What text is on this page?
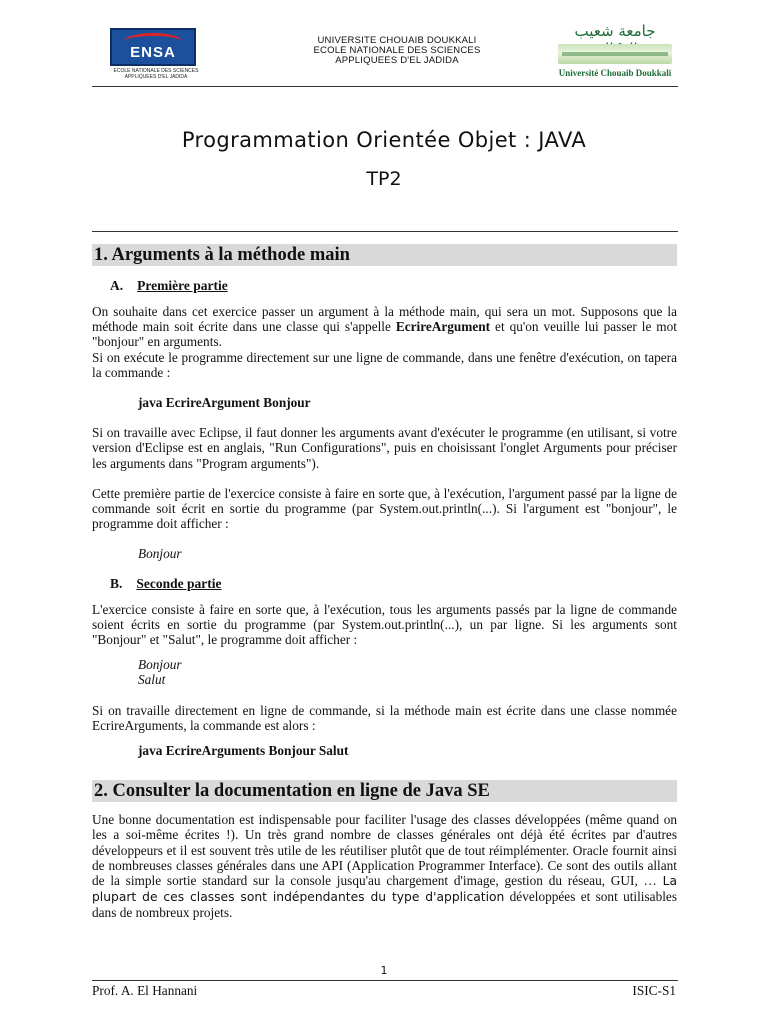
ENSA
ECOLE NATIONALE DES SCIENCES
APPLIQUEES D'EL JADIDA
UNIVERSITE CHOUAIB DOUKKALI
ECOLE NATIONALE DES SCIENCES
APPLIQUEES D'EL JADIDA
جامعة شعيب
Université Chouaib Doukkali
Programmation Orientée Objet : JAVA
TP2
1. Arguments à la méthode main
A. Première partie

On souhaite dans cet exercice passer un argument à la méthode main, qui sera un mot. Supposons que la méthode main soit écrite dans une classe qui s'appelle EcrireArgument et qu'on veuille lui passer le mot "bonjour" en arguments.

Si on exécute le programme directement sur une ligne de commande, dans une fenêtre d'exécution, on tapera la commande :

java EcrireArgument Bonjour

Si on travaille avec Eclipse, il faut donner les arguments avant d'exécuter le programme (en utilisant, si votre version d'Eclipse est en anglais, "Run Configurations", puis en choisissant l'onglet Arguments pour préciser les arguments dans "Program arguments").

Cette première partie de l'exercice consiste à faire en sorte que, à l'exécution, l'argument passé par la ligne de commande soit écrit en sortie du programme (par System.out.println(...). Si l'argument est "bonjour", le programme doit afficher :

Bonjour
B. Seconde partie

L'exercice consiste à faire en sorte que, à l'exécution, tous les arguments passés par la ligne de commande soient écrits en sortie du programme (par System.out.println(...), un par ligne. Si les arguments sont "Bonjour" et "Salut", le programme doit afficher :

Bonjour
Salut

Si on travaille directement en ligne de commande, si la méthode main est écrite dans une classe nommée EcrireArguments, la commande est alors :

java EcrireArguments Bonjour Salut
2. Consulter la documentation en ligne de Java SE

Une bonne documentation est indispensable pour faciliter l'usage des classes développées (même quand on les a soi-même écrites !). Un très grand nombre de classes générales ont déjà été écrites par d'autres développeurs et il est souvent très utile de les réutiliser plutôt que de tout réimplémenter. Oracle fournit ainsi de nombreuses classes générales dans une API (Application Programmer Interface). Ce sont des outils allant de la simple sortie standard sur la console jusqu'au chargement d'image, gestion du réseau, GUI, … La plupart de ces classes sont indépendantes du type d'application développées et sont utilisables dans de nombreux projets.

1
Prof. A. El Hannani	ISIC-S1
